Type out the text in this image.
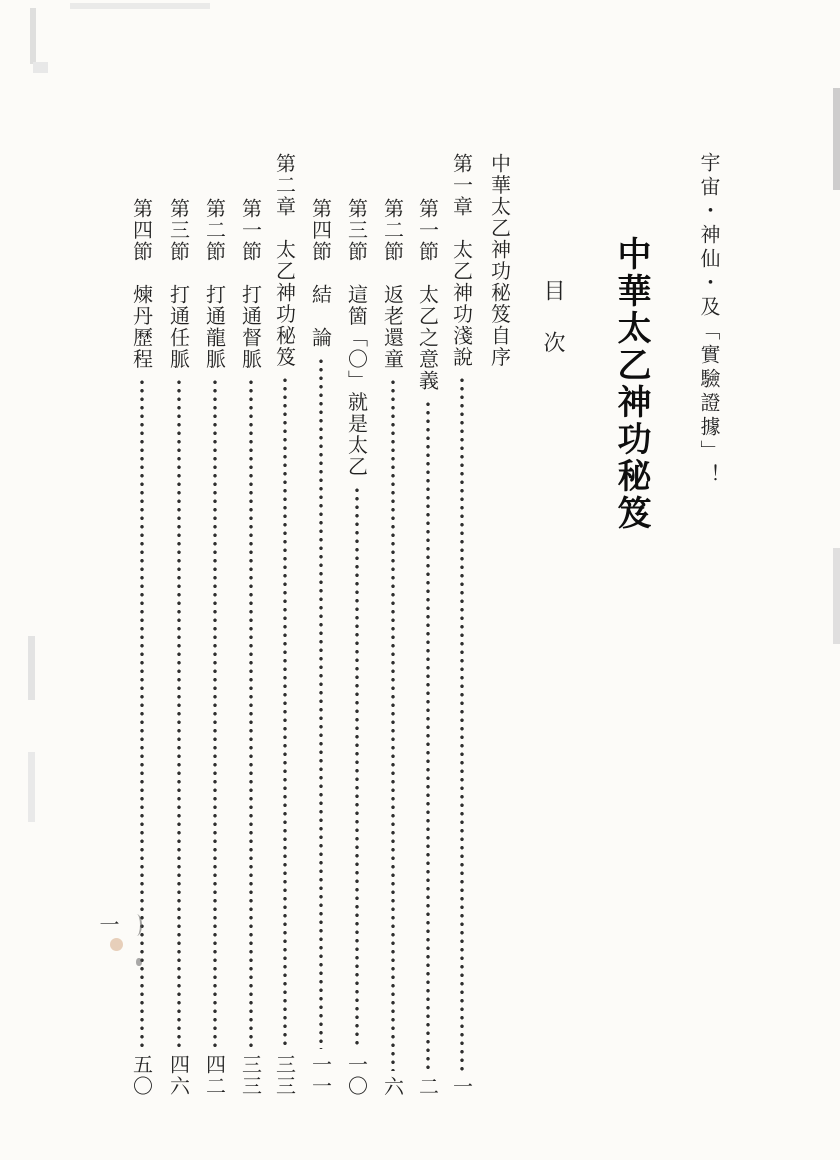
宇宙・神仙・及「實驗證據」！
中華太乙神功秘笈
目　次
中華太乙神功秘笈自序
第一章　太乙神功淺說
一
第一節　太乙之意義
二
第二節　返老還童
六
第三節　這箇「〇」就是太乙
一〇
第四節　結　論
一一
第二章　太乙神功秘笈
三三
第一節　打通督脈
三三
第二節　打通龍脈
四二
第三節　打通任脈
四六
第四節　煉丹歷程
五〇
一
